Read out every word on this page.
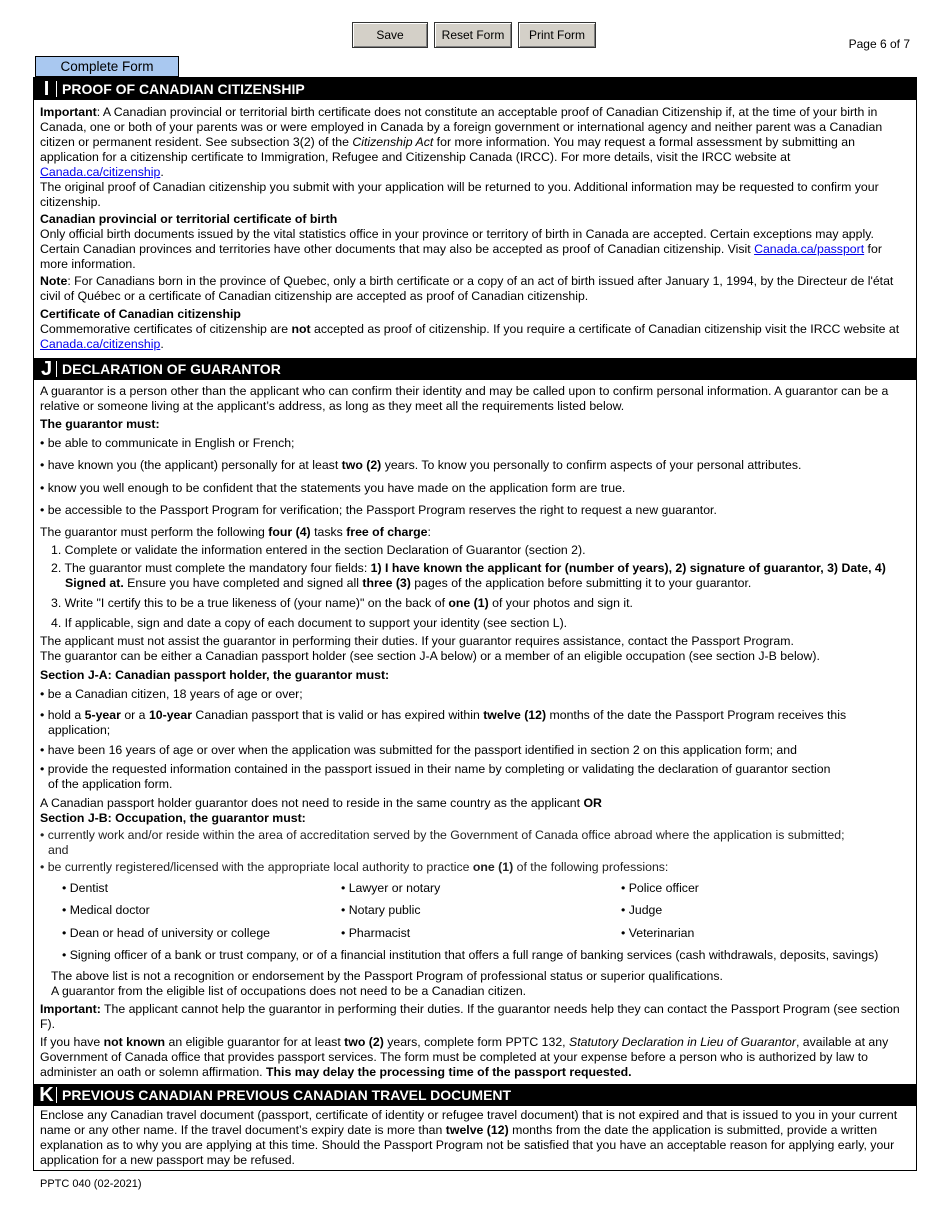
Save	Reset Form	Print Form
Page 6 of 7
Complete Form
I PROOF OF CANADIAN CITIZENSHIP

Important: A Canadian provincial or territorial birth certificate does not constitute an acceptable proof of Canadian Citizenship if, at the time of your birth in Canada, one or both of your parents was or were employed in Canada by a foreign government or international agency and neither parent was a Canadian citizen or permanent resident. See subsection 3(2) of the Citizenship Act for more information. You may request a formal assessment by submitting an application for a citizenship certificate to Immigration, Refugee and Citizenship Canada (IRCC). For more details, visit the IRCC website at Canada.ca/citizenship.

The original proof of Canadian citizenship you submit with your application will be returned to you. Additional information may be requested to confirm your citizenship.

Canadian provincial or territorial certificate of birth

Only official birth documents issued by the vital statistics office in your province or territory of birth in Canada are accepted. Certain exceptions may apply. Certain Canadian provinces and territories have other documents that may also be accepted as proof of Canadian citizenship. Visit Canada.ca/passport for more information.

Note: For Canadians born in the province of Quebec, only a birth certificate or a copy of an act of birth issued after January 1, 1994, by the Directeur de l'état civil of Québec or a certificate of Canadian citizenship are accepted as proof of Canadian citizenship.

Certificate of Canadian citizenship

Commemorative certificates of citizenship are not accepted as proof of citizenship. If you require a certificate of Canadian citizenship visit the IRCC website at Canada.ca/citizenship.

J DECLARATION OF GUARANTOR

A guarantor is a person other than the applicant who can confirm their identity and may be called upon to confirm personal information. A guarantor can be a relative or someone living at the applicant’s address, as long as they meet all the requirements listed below.

The guarantor must:

• be able to communicate in English or French;

• have known you (the applicant) personally for at least two (2) years. To know you personally to confirm aspects of your personal attributes.

• know you well enough to be confident that the statements you have made on the application form are true.

• be accessible to the Passport Program for verification; the Passport Program reserves the right to request a new guarantor.

The guarantor must perform the following four (4) tasks free of charge:

1. Complete or validate the information entered in the section Declaration of Guarantor (section 2).

2. The guarantor must complete the mandatory four fields: 1) I have known the applicant for (number of years), 2) signature of guarantor, 3) Date, 4) Signed at. Ensure you have completed and signed all three (3) pages of the application before submitting it to your guarantor.

3. Write "I certify this to be a true likeness of (your name)" on the back of one (1) of your photos and sign it.

4. If applicable, sign and date a copy of each document to support your identity (see section L).

The applicant must not assist the guarantor in performing their duties. If your guarantor requires assistance, contact the Passport Program.

The guarantor can be either a Canadian passport holder (see section J-A below) or a member of an eligible occupation (see section J-B below).

Section J-A: Canadian passport holder, the guarantor must:

• be a Canadian citizen, 18 years of age or over;

• hold a 5-year or a 10-year Canadian passport that is valid or has expired within twelve (12) months of the date the Passport Program receives this
application;

• have been 16 years of age or over when the application was submitted for the passport identified in section 2 on this application form; and

• provide the requested information contained in the passport issued in their name by completing or validating the declaration of guarantor section
of the application form.

A Canadian passport holder guarantor does not need to reside in the same country as the applicant OR

Section J-B: Occupation, the guarantor must:

• currently work and/or reside within the area of accreditation served by the Government of Canada office abroad where the application is submitted;
and

• be currently registered/licensed with the appropriate local authority to practice one (1) of the following professions:

• Dentist	• Lawyer or notary	• Police officer

• Medical doctor	• Notary public	• Judge

• Dean or head of university or college	• Pharmacist	• Veterinarian

• Signing officer of a bank or trust company, or of a financial institution that offers a full range of banking services (cash withdrawals, deposits, savings)

The above list is not a recognition or endorsement by the Passport Program of professional status or superior qualifications.

A guarantor from the eligible list of occupations does not need to be a Canadian citizen.

Important: The applicant cannot help the guarantor in performing their duties. If the guarantor needs help they can contact the Passport Program (see section F).

If you have not known an eligible guarantor for at least two (2) years, complete form PPTC 132, Statutory Declaration in Lieu of Guarantor, available at any Government of Canada office that provides passport services. The form must be completed at your expense before a person who is authorized by law to administer an oath or solemn affirmation. This may delay the processing time of the passport requested.

K PREVIOUS CANADIAN PREVIOUS CANADIAN TRAVEL DOCUMENT

Enclose any Canadian travel document (passport, certificate of identity or refugee travel document) that is not expired and that is issued to you in your current name or any other name. If the travel document’s expiry date is more than twelve (12) months from the date the application is submitted, provide a written explanation as to why you are applying at this time. Should the Passport Program not be satisfied that you have an acceptable reason for applying early, your application for a new passport may be refused.

PPTC 040 (02-2021)
